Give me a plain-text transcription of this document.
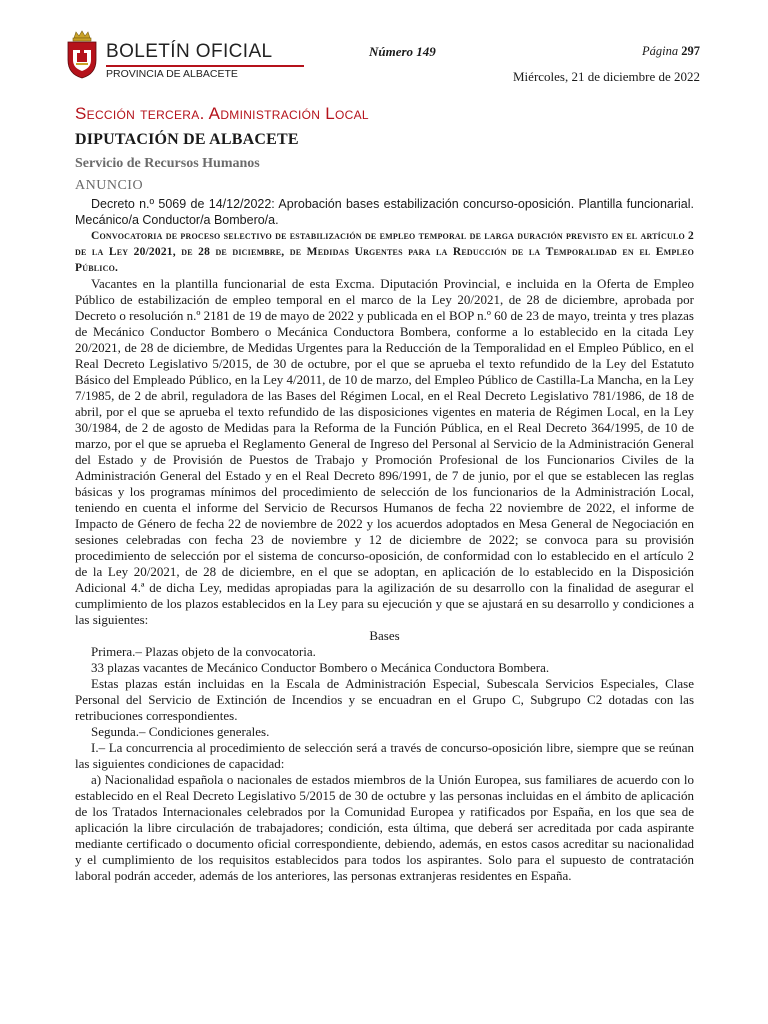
BOLETÍN OFICIAL
PROVINCIA DE ALBACETE
Número 149	Página 297
Miércoles, 21 de diciembre de 2022
Sección tercera. Administración Local
DIPUTACIÓN DE ALBACETE
Servicio de Recursos Humanos
ANUNCIO

Decreto n.º 5069 de 14/12/2022: Aprobación bases estabilización concurso-oposición. Plantilla funcionarial. Mecánico/a Conductor/a Bombero/a.

Convocatoria de proceso selectivo de estabilización de empleo temporal de larga duración previsto en el artículo 2 de la Ley 20/2021, de 28 de diciembre, de Medidas Urgentes para la Reducción de la Temporalidad en el Empleo Público.

Vacantes en la plantilla funcionarial de esta Excma. Diputación Provincial, e incluida en la Oferta de Empleo Público de estabilización de empleo temporal en el marco de la Ley 20/2021, de 28 de diciembre, aprobada por Decreto o resolución n.º 2181 de 19 de mayo de 2022 y publicada en el BOP n.º 60 de 23 de mayo, treinta y tres plazas de Mecánico Conductor Bombero o Mecánica Conductora Bombera, conforme a lo establecido en la citada Ley 20/2021, de 28 de diciembre, de Medidas Urgentes para la Reducción de la Temporalidad en el Empleo Público, en el Real Decreto Legislativo 5/2015, de 30 de octubre, por el que se aprueba el texto refundido de la Ley del Estatuto Básico del Empleado Público, en la Ley 4/2011, de 10 de marzo, del Empleo Público de Castilla-La Mancha, en la Ley 7/1985, de 2 de abril, reguladora de las Bases del Régimen Local, en el Real Decreto Legislativo 781/1986, de 18 de abril, por el que se aprueba el texto refundido de las disposiciones vigentes en materia de Régimen Local, en la Ley 30/1984, de 2 de agosto de Medidas para la Reforma de la Función Pública, en el Real Decreto 364/1995, de 10 de marzo, por el que se aprueba el Reglamento General de Ingreso del Personal al Servicio de la Administración General del Estado y de Provisión de Puestos de Trabajo y Promoción Profesional de los Funcionarios Civiles de la Administración General del Estado y en el Real Decreto 896/1991, de 7 de junio, por el que se establecen las reglas básicas y los programas mínimos del procedimiento de selección de los funcionarios de la Administración Local, teniendo en cuenta el informe del Servicio de Recursos Humanos de fecha 22 noviembre de 2022, el informe de Impacto de Género de fecha 22 de noviembre de 2022 y los acuerdos adoptados en Mesa General de Negociación en sesiones celebradas con fecha 23 de noviembre y 12 de diciembre de 2022; se convoca para su provisión procedimiento de selección por el sistema de concurso-oposición, de conformidad con lo establecido en el artículo 2 de la Ley 20/2021, de 28 de diciembre, en el que se adoptan, en aplicación de lo establecido en la Disposición Adicional 4.ª de dicha Ley, medidas apropiadas para la agilización de su desarrollo con la finalidad de asegurar el cumplimiento de los plazos establecidos en la Ley para su ejecución y que se ajustará en su desarrollo y condiciones a las siguientes:

Bases

Primera.– Plazas objeto de la convocatoria.

33 plazas vacantes de Mecánico Conductor Bombero o Mecánica Conductora Bombera.

Estas plazas están incluidas en la Escala de Administración Especial, Subescala Servicios Especiales, Clase Personal del Servicio de Extinción de Incendios y se encuadran en el Grupo C, Subgrupo C2 dotadas con las retribuciones correspondientes.

Segunda.– Condiciones generales.

I.– La concurrencia al procedimiento de selección será a través de concurso-oposición libre, siempre que se reúnan las siguientes condiciones de capacidad:

a) Nacionalidad española o nacionales de estados miembros de la Unión Europea, sus familiares de acuerdo con lo establecido en el Real Decreto Legislativo 5/2015 de 30 de octubre y las personas incluidas en el ámbito de aplicación de los Tratados Internacionales celebrados por la Comunidad Europea y ratificados por España, en los que sea de aplicación la libre circulación de trabajadores; condición, esta última, que deberá ser acreditada por cada aspirante mediante certificado o documento oficial correspondiente, debiendo, además, en estos casos acreditar su nacionalidad y el cumplimiento de los requisitos establecidos para todos los aspirantes. Solo para el supuesto de contratación laboral podrán acceder, además de los anteriores, las personas extranjeras residentes en España.
